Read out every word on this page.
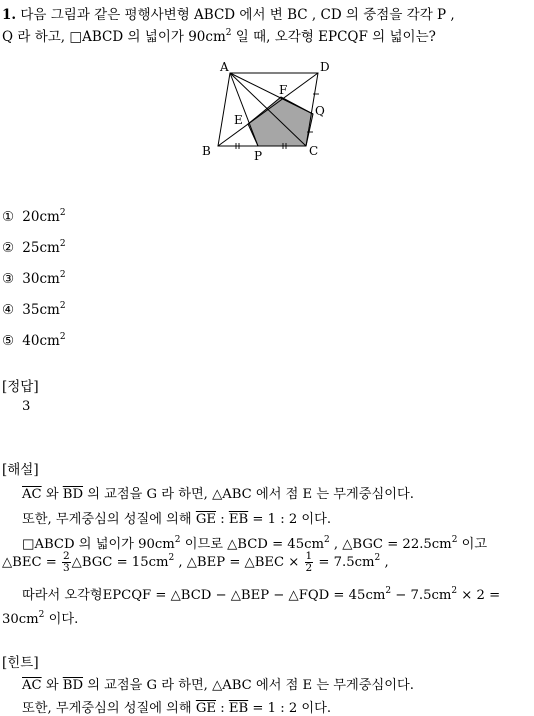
1. 다음 그림과 같은 평행사변형 ABCD 에서 변 BC , CD 의 중점을 각각 P ,
Q 라 하고, □ABCD 의 넓이가 $90cm^2$ 일 때, 오각형 EPCQF 의 넓이는?
A	D
F
Q
E
B	P	C
① $20cm^2$
② $25cm^2$
③ $30cm^2$
④ $35cm^2$
⑤ $40cm^2$
[정답]
3
[해설]
$\overline{AC}$ 와 $\overline{BD}$ 의 교점을 G 라 하면, △ABC 에서 점 E 는 무게중심이다.
또한, 무게중심의 성질에 의해 $\overline{GE}$ : $\overline{EB} = 1$ : 2 이다.
□ABCD 의 넓이가 $90cm^2$ 이므로 △BCD = $45cm^2$ , △BGC = $22.5cm^2$ 이고
△BEC = $\frac{2}{3}$ △BGC = $15cm^2$ , △BEP = △BEC × $\frac{1}{2} = 7.5cm^2$ ,
따라서 오각형EPCQF = △BCD − △BEP − △FQD = $45cm^2 - 7.5cm^2 \times 2$ =
$30cm^2$ 이다.
[힌트]
$\overline{AC}$ 와 $\overline{BD}$ 의 교점을 G 라 하면, △ABC 에서 점 E 는 무게중심이다.
또한, 무게중심의 성질에 의해 $\overline{GE}$ : $\overline{EB} = 1$ : 2 이다.
